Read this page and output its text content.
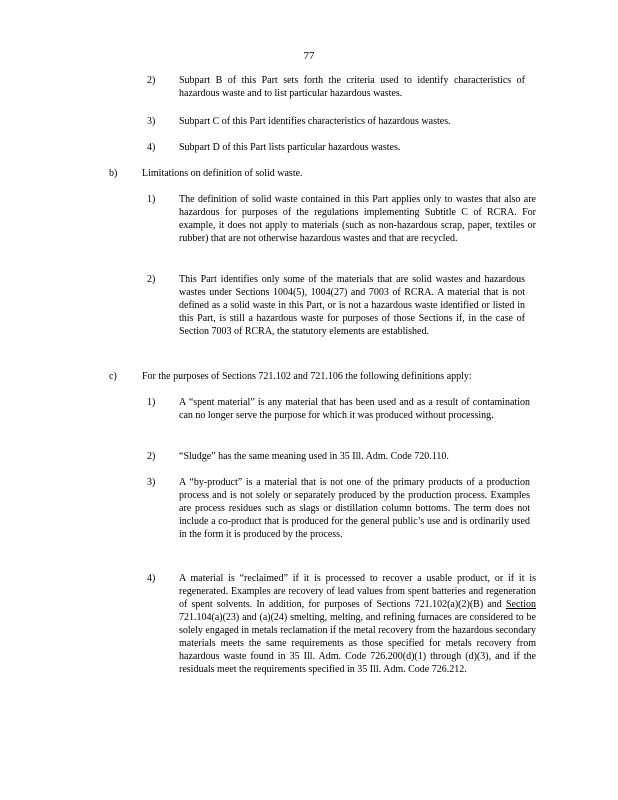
77
2) Subpart B of this Part sets forth the criteria used to identify characteristics of hazardous waste and to list particular hazardous wastes.
3) Subpart C of this Part identifies characteristics of hazardous wastes.
4) Subpart D of this Part lists particular hazardous wastes.
b) Limitations on definition of solid waste.
1) The definition of solid waste contained in this Part applies only to wastes that also are hazardous for purposes of the regulations implementing Subtitle C of RCRA. For example, it does not apply to materials (such as non-hazardous scrap, paper, textiles or rubber) that are not otherwise hazardous wastes and that are recycled.
2) This Part identifies only some of the materials that are solid wastes and hazardous wastes under Sections 1004(5), 1004(27) and 7003 of RCRA. A material that is not defined as a solid waste in this Part, or is not a hazardous waste identified or listed in this Part, is still a hazardous waste for purposes of those Sections if, in the case of Section 7003 of RCRA, the statutory elements are established.
c)	For the purposes of Sections 721.102 and 721.106 the following definitions apply:
1) A “spent material” is any material that has been used and as a result of contamination can no longer serve the purpose for which it was produced without processing.
2) “Sludge” has the same meaning used in 35 Ill. Adm. Code 720.110.
3) A “by-product” is a material that is not one of the primary products of a production process and is not solely or separately produced by the production process. Examples are process residues such as slags or distillation column bottoms. The term does not include a co-product that is produced for the general public’s use and is ordinarily used in the form it is produced by the process.
4) A material is “reclaimed” if it is processed to recover a usable product, or if it is regenerated. Examples are recovery of lead values from spent batteries and regeneration of spent solvents. In addition, for purposes of Sections 721.102(a)(2)(B) and Section 721.104(a)(23) and (a)(24) smelting, melting, and refining furnaces are considered to be solely engaged in metals reclamation if the metal recovery from the hazardous secondary materials meets the same requirements as those specified for metals recovery from hazardous waste found in 35 Ill. Adm. Code 726.200(d)(1) through (d)(3), and if the residuals meet the requirements specified in 35 Ill. Adm. Code 726.212.
